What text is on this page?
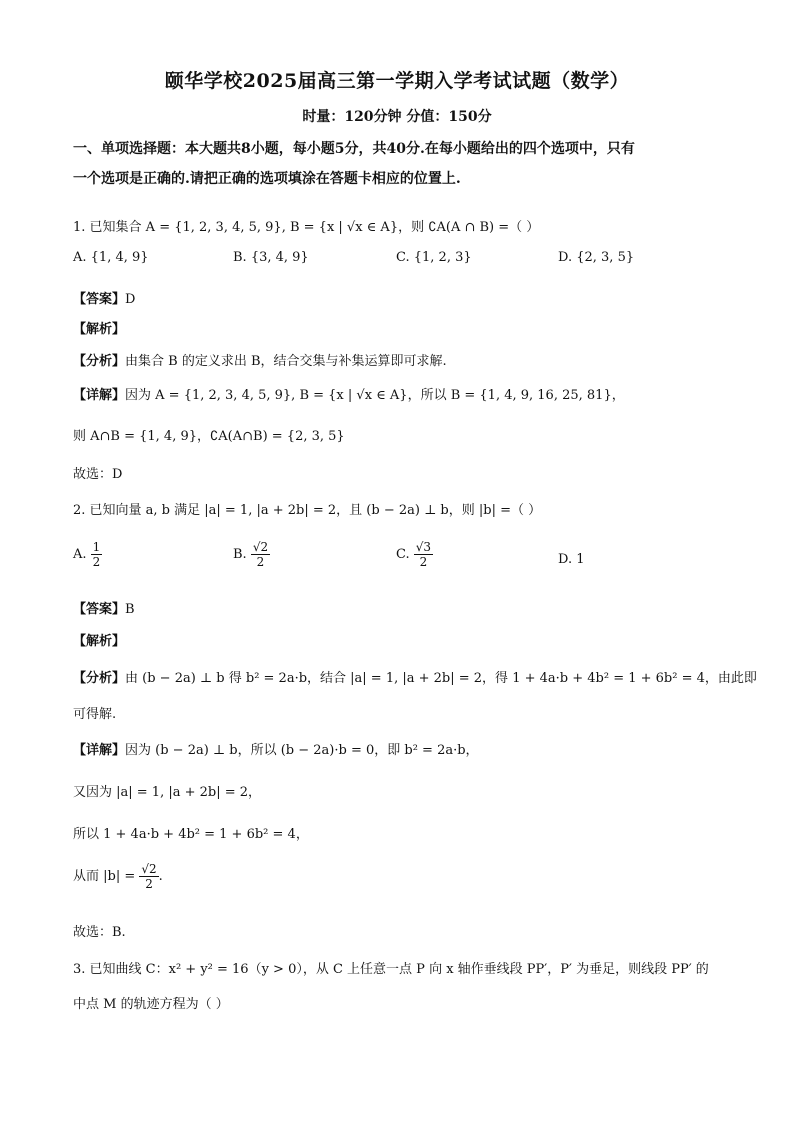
颐华学校2025届高三第一学期入学考试试题（数学）
时量：120分钟 分值：150分
一、单项选择题：本大题共8小题，每小题5分，共40分.在每小题给出的四个选项中，只有
一个选项是正确的.请把正确的选项填涂在答题卡相应的位置上.
1. 已知集合 A = {1, 2, 3, 4, 5, 9}, B = {x | √x ∈ A}，则 ∁A(A ∩ B) =（ ）
A. {1, 4, 9}	B. {3, 4, 9}	C. {1, 2, 3}	D. {2, 3, 5}
【答案】D
【解析】
【分析】由集合 B 的定义求出 B，结合交集与补集运算即可求解.
【详解】因为 A = {1, 2, 3, 4, 5, 9}, B = {x | √x ∈ A}，所以 B = {1, 4, 9, 16, 25, 81}，
则 A∩B = {1, 4, 9}，∁A(A∩B) = {2, 3, 5}
故选：D
2. 已知向量 a, b 满足 |a| = 1, |a + 2b| = 2，且 (b − 2a) ⊥ b，则 |b| =（ ）
A. $\frac{1}{2}$	B. $\frac{√2}{2}$	C. $\frac{√3}{2}$	D. 1
【答案】B
【解析】
【分析】由 (b − 2a) ⊥ b 得 b² = 2a·b，结合 |a| = 1, |a + 2b| = 2，得 1 + 4a·b + 4b² = 1 + 6b² = 4，由此即
可得解.
【详解】因为 (b − 2a) ⊥ b，所以 (b − 2a)·b = 0，即 b² = 2a·b，
又因为 |a| = 1, |a + 2b| = 2，
所以 1 + 4a·b + 4b² = 1 + 6b² = 4，
从而 $|b| = \frac{√2}{2}$ .
故选：B.
3. 已知曲线 C：x² + y² = 16（y > 0），从 C 上任意一点 P 向 x 轴作垂线段 PP′，P′ 为垂足，则线段 PP′ 的
中点 M 的轨迹方程为（ ）
